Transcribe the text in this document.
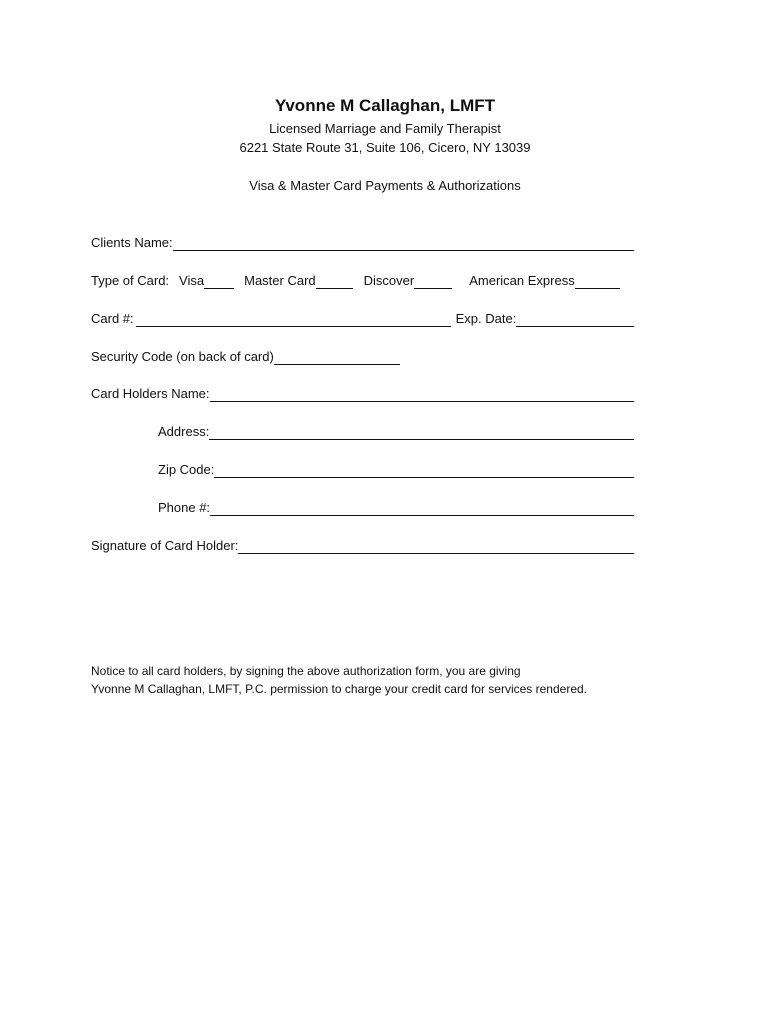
Yvonne M Callaghan, LMFT
Licensed Marriage and Family Therapist
6221 State Route 31, Suite 106, Cicero, NY 13039
Visa & Master Card Payments & Authorizations
Clients Name:
Type of Card: Visa	Master Card	Discover	American Express
Card #:	Exp. Date:
Security Code (on back of card)
Card Holders Name:
Address:
Zip Code:
Phone #:
Signature of Card Holder:
Notice to all card holders, by signing the above authorization form, you are giving
Yvonne M Callaghan, LMFT, P.C. permission to charge your credit card for services rendered.
